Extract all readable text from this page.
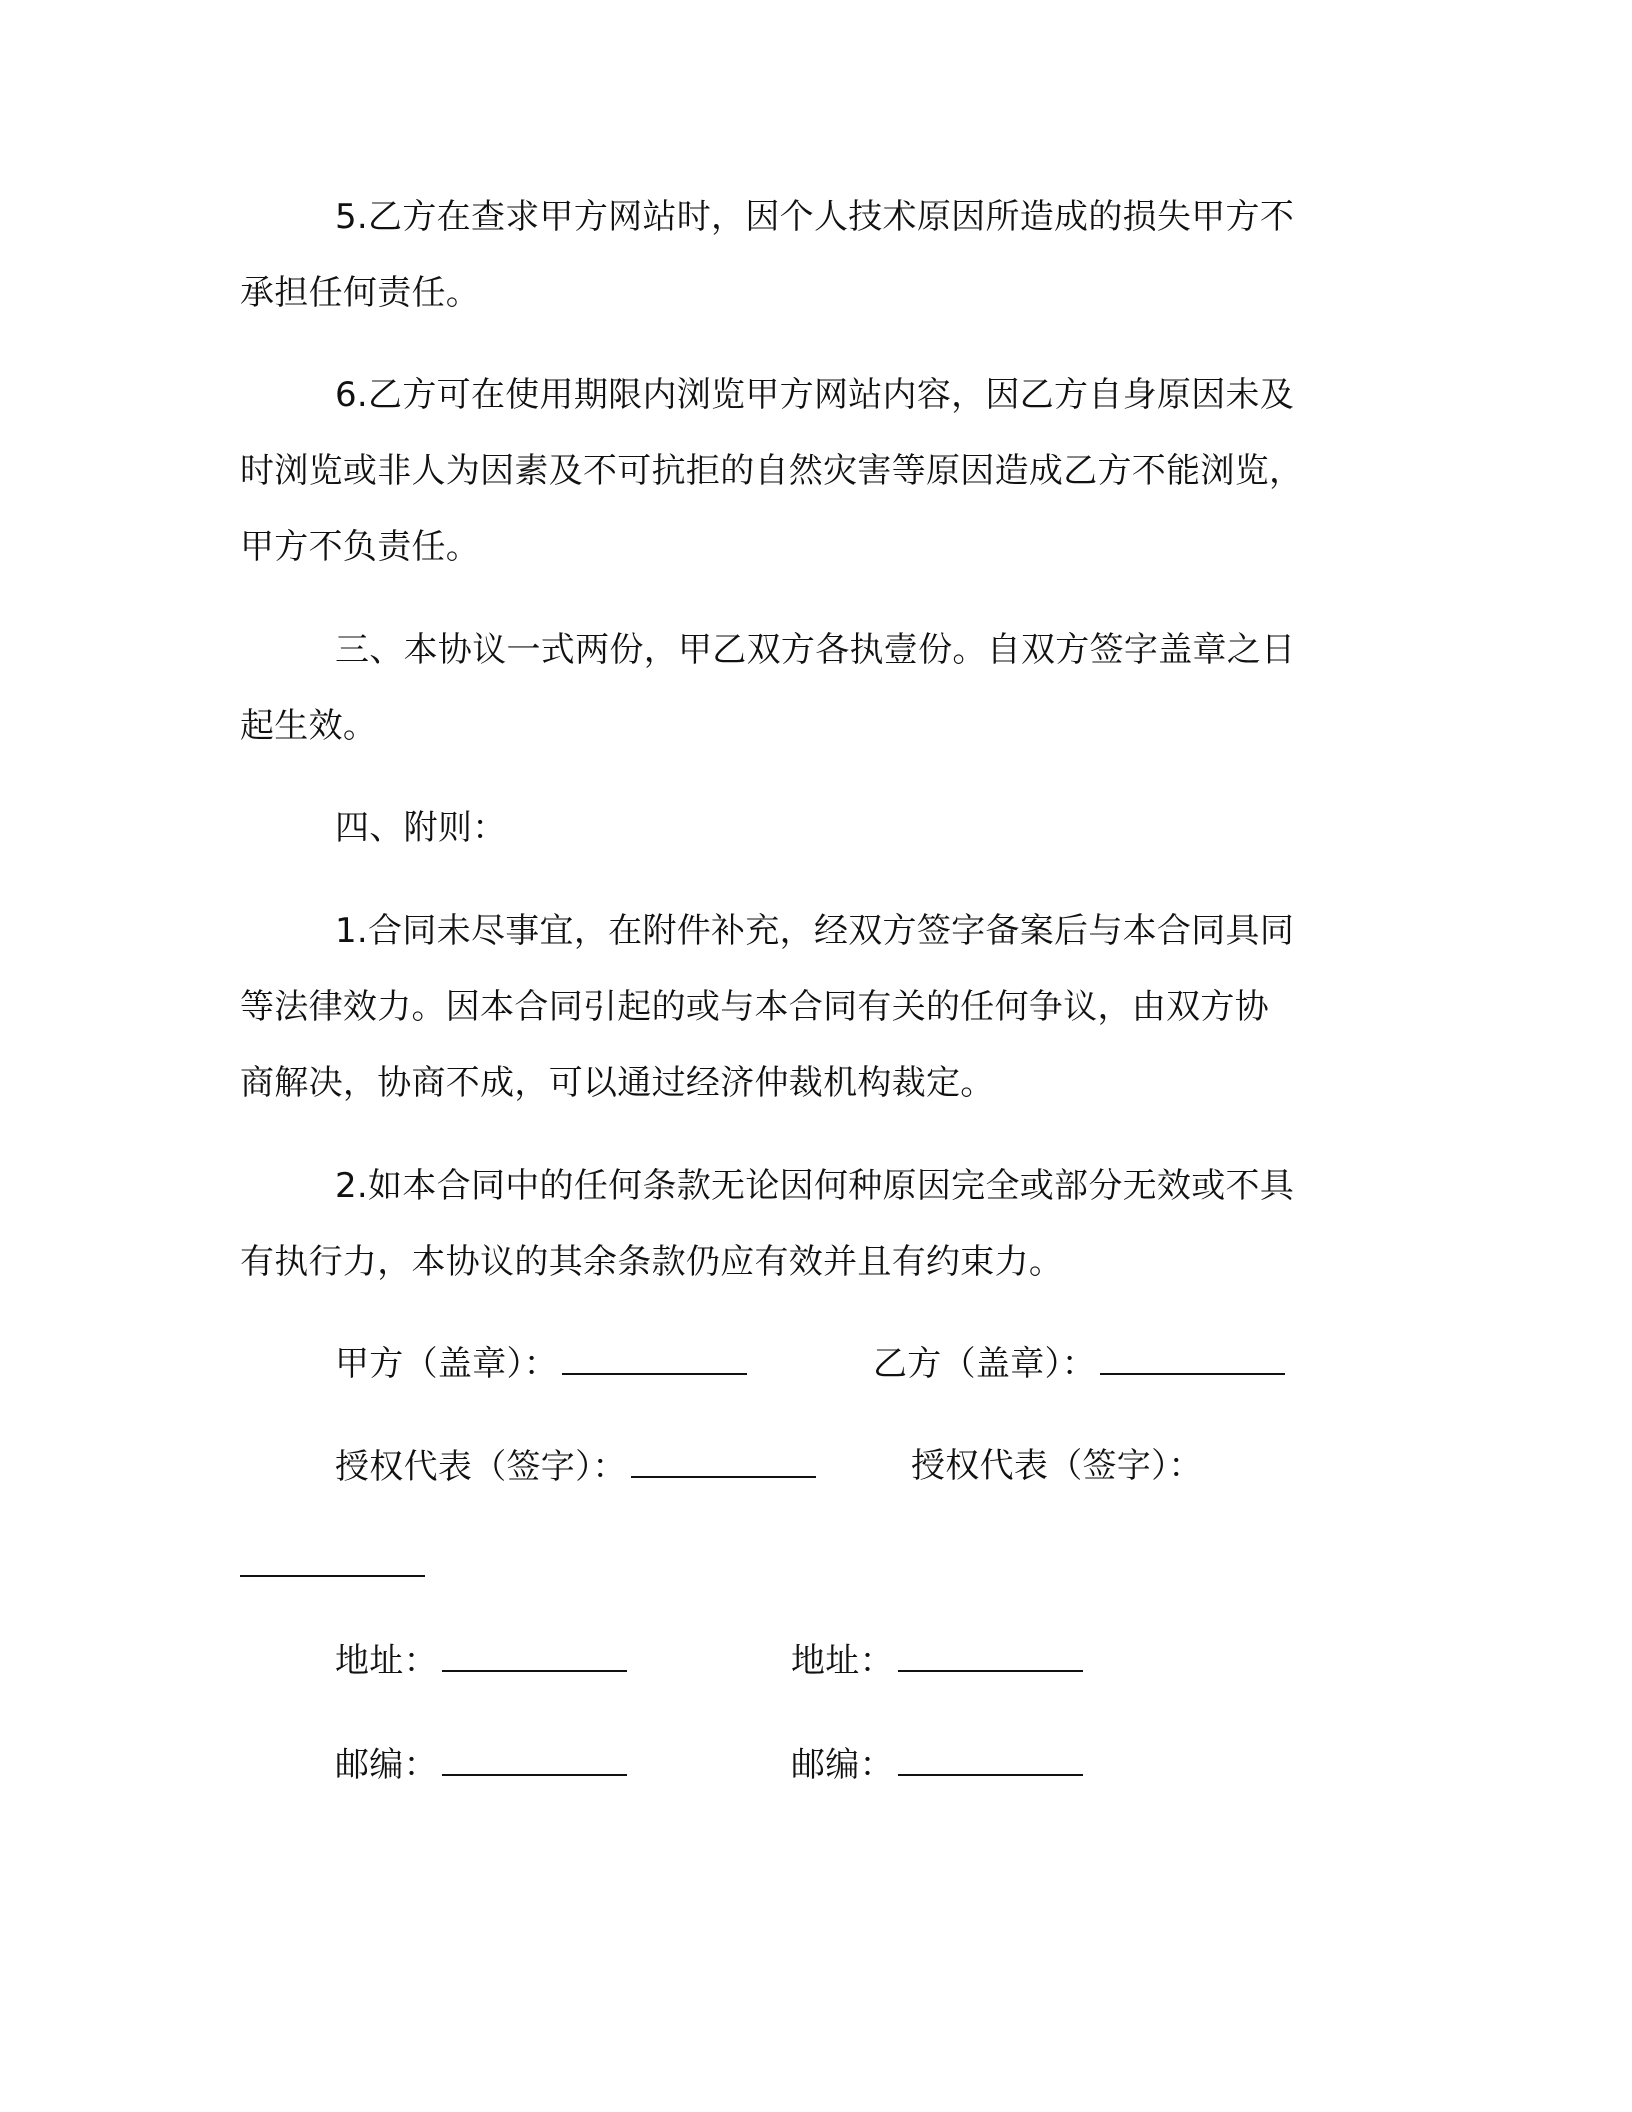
5.乙方在查求甲方网站时，因个人技术原因所造成的损失甲方不
承担任何责任。
6.乙方可在使用期限内浏览甲方网站内容，因乙方自身原因未及
时浏览或非人为因素及不可抗拒的自然灾害等原因造成乙方不能浏览，
甲方不负责任。
三、本协议一式两份，甲乙双方各执壹份。自双方签字盖章之日
起生效。
四、附则：
1.合同未尽事宜，在附件补充，经双方签字备案后与本合同具同
等法律效力。因本合同引起的或与本合同有关的任何争议，由双方协
商解决，协商不成，可以通过经济仲裁机构裁定。
2.如本合同中的任何条款无论因何种原因完全或部分无效或不具
有执行力，本协议的其余条款仍应有效并且有约束力。
甲方（盖章）：	乙方（盖章）：
授权代表（签字）：	授权代表（签字）：
地址：	地址：
邮编：	邮编：
